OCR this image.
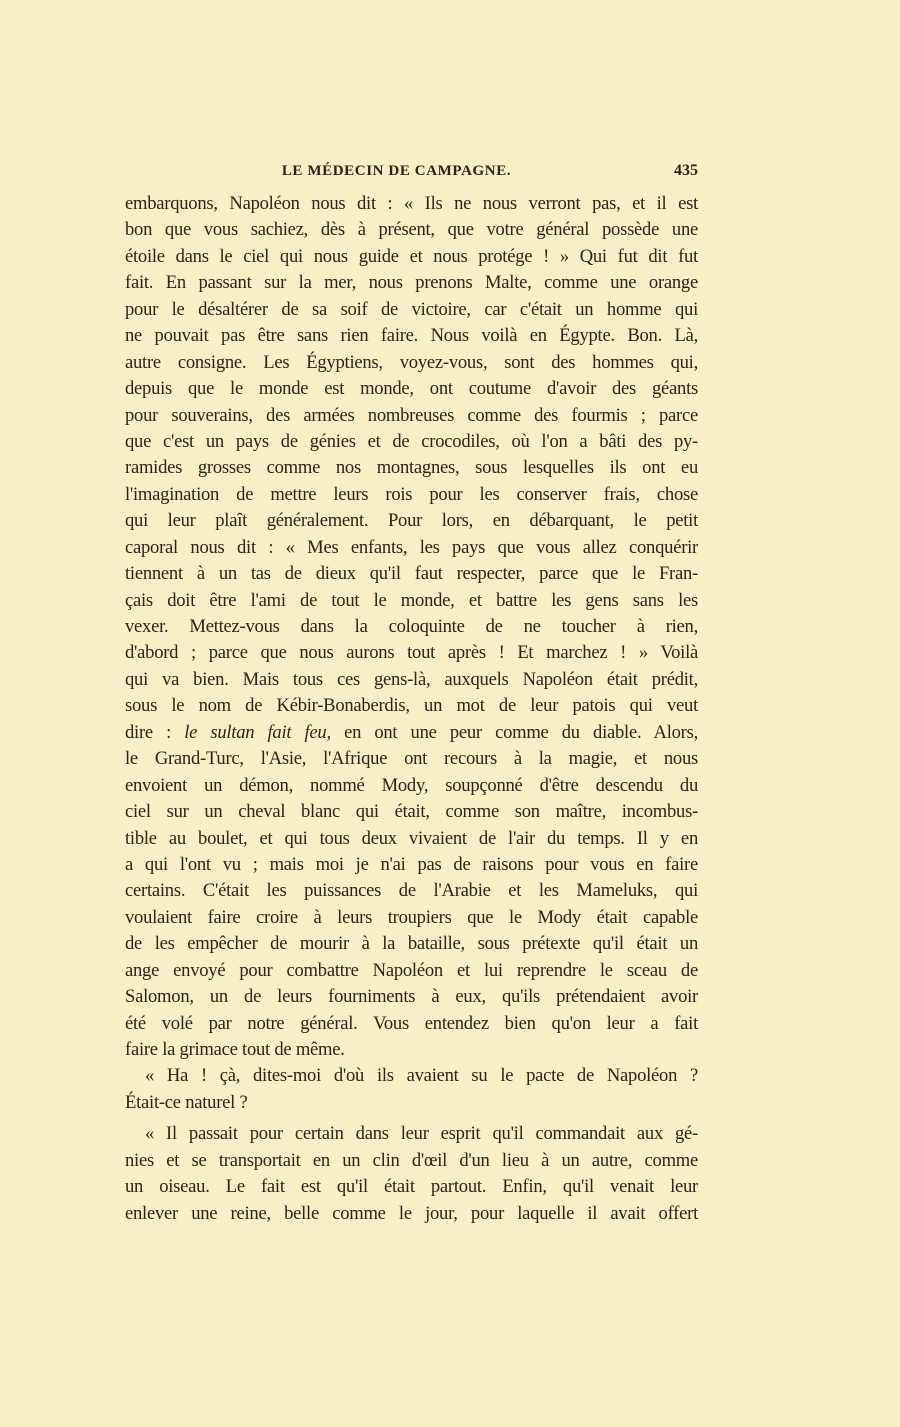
LE MÉDECIN DE CAMPAGNE.	435
embarquons, Napoléon nous dit : « Ils ne nous verront pas, et il est
bon que vous sachiez, dès à présent, que votre général possède une
étoile dans le ciel qui nous guide et nous protége ! » Qui fut dit fut
fait. En passant sur la mer, nous prenons Malte, comme une orange
pour le désaltérer de sa soif de victoire, car c'était un homme qui
ne pouvait pas être sans rien faire. Nous voilà en Égypte. Bon. Là,
autre consigne. Les Égyptiens, voyez-vous, sont des hommes qui,
depuis que le monde est monde, ont coutume d'avoir des géants
pour souverains, des armées nombreuses comme des fourmis ; parce
que c'est un pays de génies et de crocodiles, où l'on a bâti des py-
ramides grosses comme nos montagnes, sous lesquelles ils ont eu
l'imagination de mettre leurs rois pour les conserver frais, chose
qui leur plaît généralement. Pour lors, en débarquant, le petit
caporal nous dit : « Mes enfants, les pays que vous allez conquérir
tiennent à un tas de dieux qu'il faut respecter, parce que le Fran-
çais doit être l'ami de tout le monde, et battre les gens sans les
vexer. Mettez-vous dans la coloquinte de ne toucher à rien,
d'abord ; parce que nous aurons tout après ! Et marchez ! » Voilà
qui va bien. Mais tous ces gens-là, auxquels Napoléon était prédit,
sous le nom de Kébir-Bonaberdis, un mot de leur patois qui veut
dire : le sultan fait feu, en ont une peur comme du diable. Alors,
le Grand-Turc, l'Asie, l'Afrique ont recours à la magie, et nous
envoient un démon, nommé Mody, soupçonné d'être descendu du
ciel sur un cheval blanc qui était, comme son maître, incombus-
tible au boulet, et qui tous deux vivaient de l'air du temps. Il y en
a qui l'ont vu ; mais moi je n'ai pas de raisons pour vous en faire
certains. C'était les puissances de l'Arabie et les Mameluks, qui
voulaient faire croire à leurs troupiers que le Mody était capable
de les empêcher de mourir à la bataille, sous prétexte qu'il était un
ange envoyé pour combattre Napoléon et lui reprendre le sceau de
Salomon, un de leurs fourniments à eux, qu'ils prétendaient avoir
été volé par notre général. Vous entendez bien qu'on leur a fait
faire la grimace tout de même.
« Ha ! çà, dites-moi d'où ils avaient su le pacte de Napoléon ?
Était-ce naturel ?
« Il passait pour certain dans leur esprit qu'il commandait aux gé-
nies et se transportait en un clin d'œil d'un lieu à un autre, comme
un oiseau. Le fait est qu'il était partout. Enfin, qu'il venait leur
enlever une reine, belle comme le jour, pour laquelle il avait offert
